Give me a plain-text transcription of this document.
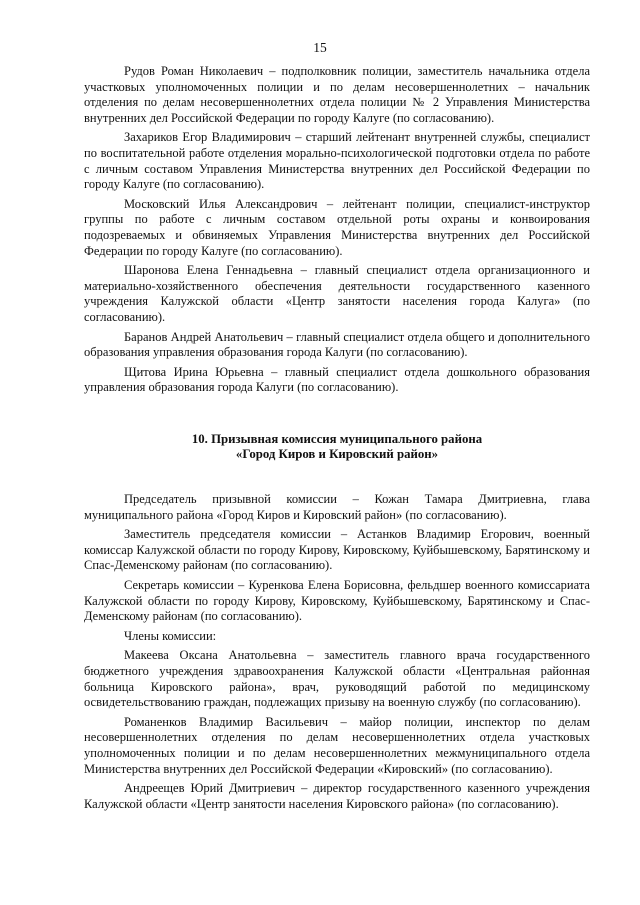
15

Рудов Роман Николаевич – подполковник полиции, заместитель начальника отдела участковых уполномоченных полиции и по делам несовершеннолетних – начальник отделения по делам несовершеннолетних отдела полиции № 2 Управления Министерства внутренних дел Российской Федерации по городу Калуге (по согласованию).

Захариков Егор Владимирович – старший лейтенант внутренней службы, специалист по воспитательной работе отделения морально-психологической подготовки отдела по работе с личным составом Управления Министерства внутренних дел Российской Федерации по городу Калуге (по согласованию).

Московский Илья Александрович – лейтенант полиции, специалист-инструктор группы по работе с личным составом отдельной роты охраны и конвоирования подозреваемых и обвиняемых Управления Министерства внутренних дел Российской Федерации по городу Калуге (по согласованию).

Шаронова Елена Геннадьевна – главный специалист отдела организационного и материально-хозяйственного обеспечения деятельности государственного казенного учреждения Калужской области «Центр занятости населения города Калуга» (по согласованию).

Баранов Андрей Анатольевич – главный специалист отдела общего и дополнительного образования управления образования города Калуги (по согласованию).

Щитова Ирина Юрьевна – главный специалист отдела дошкольного образования управления образования города Калуги (по согласованию).

10. Призывная комиссия муниципального района
«Город Киров и Кировский район»

Председатель призывной комиссии – Кожан Тамара Дмитриевна, глава муниципального района «Город Киров и Кировский район» (по согласованию).

Заместитель председателя комиссии – Астанков Владимир Егорович, военный комиссар Калужской области по городу Кирову, Кировскому, Куйбышевскому, Барятинскому и Спас-Деменскому районам (по согласованию).

Секретарь комиссии – Куренкова Елена Борисовна, фельдшер военного комиссариата Калужской области по городу Кирову, Кировскому, Куйбышевскому, Барятинскому и Спас-Деменскому районам (по согласованию).

Члены комиссии:

Макеева Оксана Анатольевна – заместитель главного врача государственного бюджетного учреждения здравоохранения Калужской области «Центральная районная больница Кировского района», врач, руководящий работой по медицинскому освидетельствованию граждан, подлежащих призыву на военную службу (по согласованию).

Романенков Владимир Васильевич – майор полиции, инспектор по делам несовершеннолетних отделения по делам несовершеннолетних отдела участковых уполномоченных полиции и по делам несовершеннолетних межмуниципального отдела Министерства внутренних дел Российской Федерации «Кировский» (по согласованию).

Андреещев Юрий Дмитриевич – директор государственного казенного учреждения Калужской области «Центр занятости населения Кировского района» (по согласованию).
